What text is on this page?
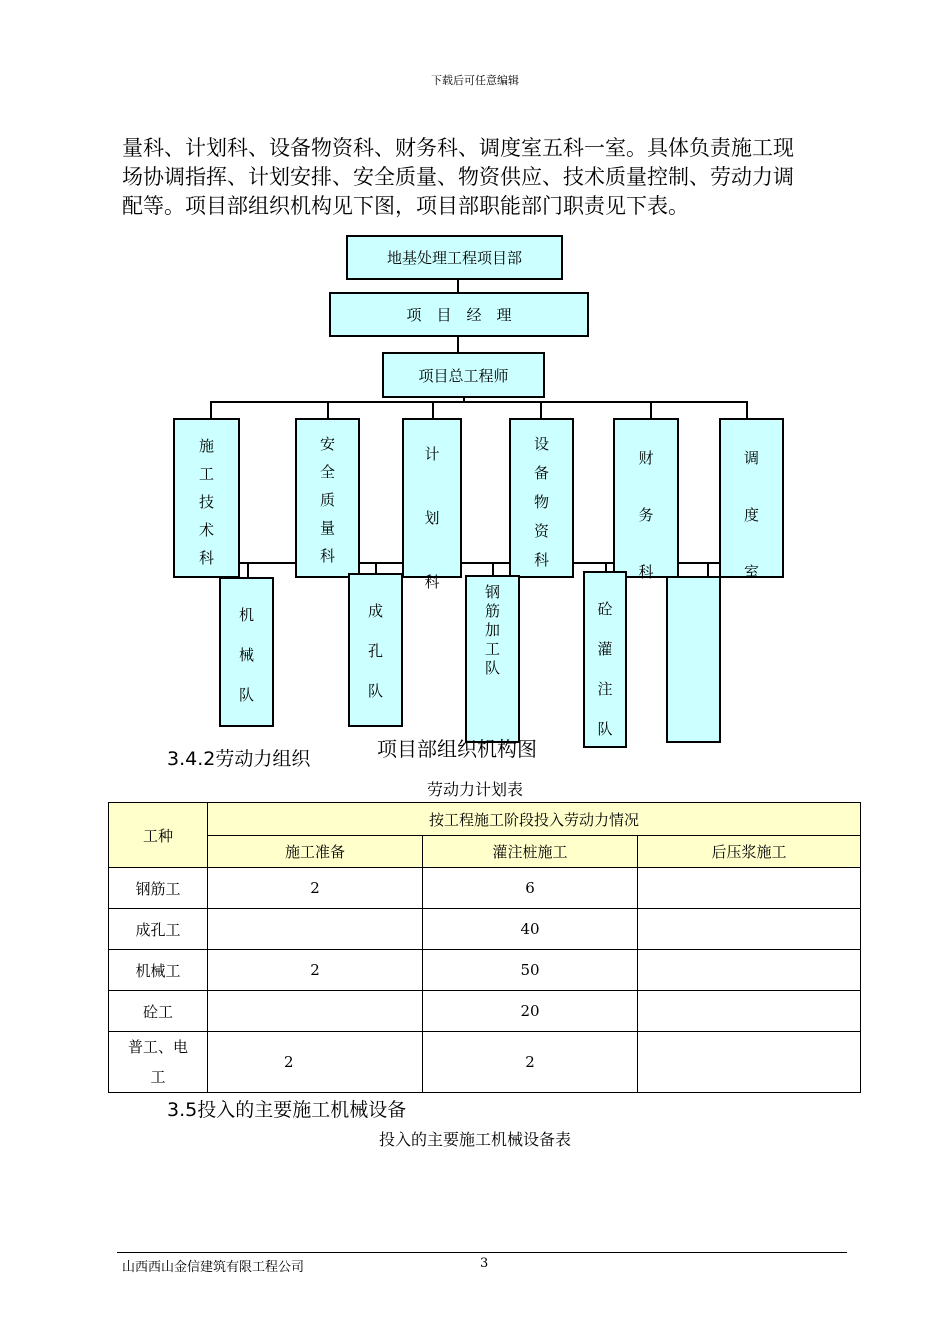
下载后可任意编辑
量科、计划科、设备物资科、财务科、调度室五科一室。具体负责施工现
场协调指挥、计划安排、安全质量、物资供应、技术质量控制、劳动力调
配等。项目部组织机构见下图，项目部职能部门职责见下表。
地基处理工程项目部
项　目　经　理
项目总工程师
施
工
技
术
科
安
全
质
量
科
计
划
科
设
备
物
资
科
财
务
科
调
度
室
机
械
队
成
孔
队
钢
筋
加
工
队
砼
灌
注
队
3.4.2劳动力组织	项目部组织机构图
劳动力计划表
工种	按工程施工阶段投入劳动力情况		
	施工准备	灌注桩施工	后压浆施工
钢筋工	2	6	
成孔工		40	
机械工	2	50	
砼工		20	
普工、电工	2	2	
3.5投入的主要施工机械设备
投入的主要施工机械设备表
山西西山金信建筑有限工程公司	3
